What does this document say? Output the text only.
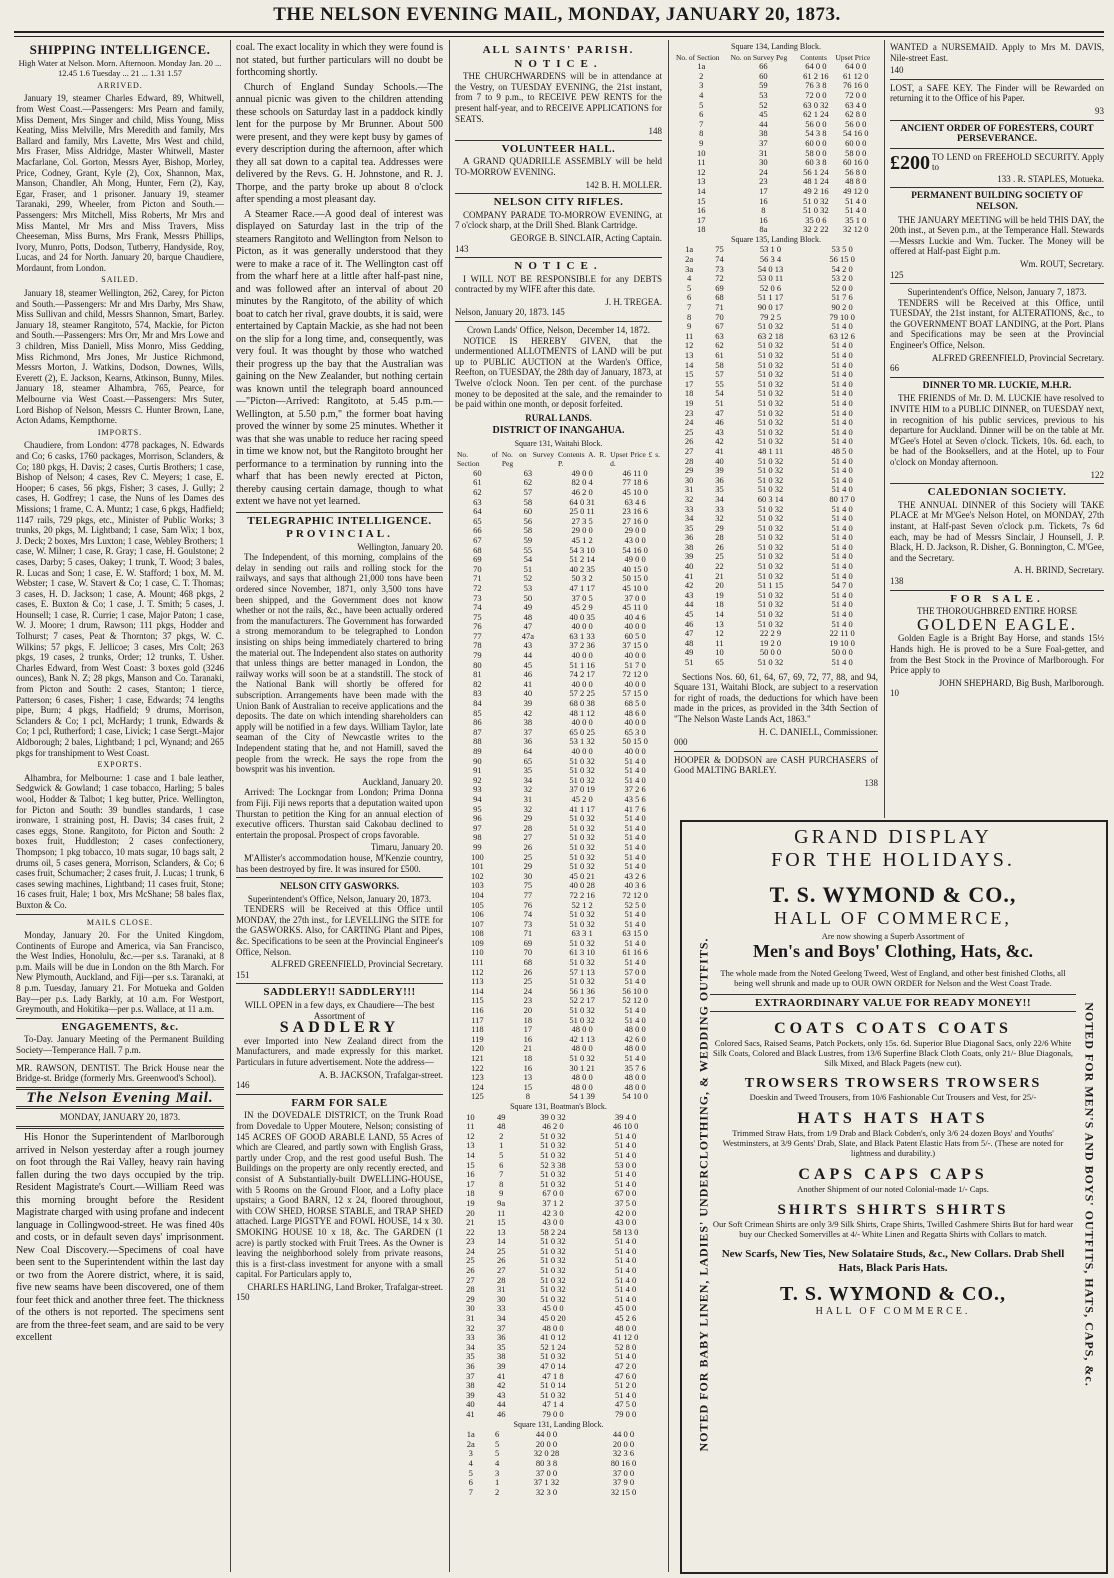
THE NELSON EVENING MAIL, MONDAY, JANUARY 20, 1873.
SHIPPING INTELLIGENCE.
High Water at Nelson. Morn. Afternoon. Monday Jan. 20 ... 12.45 1.6 Tuesday ... 21 ... 1.31 1.57
ARRIVED.

January 19, steamer Charles Edward, 89, Whitwell, from West Coast.—Passengers: Mrs Pearn and family, Miss Dement, Mrs Singer and child, Miss Young, Miss Keating, Miss Melville, Mrs Meredith and family, Mrs Ballard and family, Mrs Lavette, Mrs West and child, Mrs Fraser, Miss Aldridge, Master Whitwell, Master Macfarlane, Col. Gorton, Messrs Ayer, Bishop, Morley, Price, Codney, Grant, Kyle (2), Cox, Shannon, Max, Manson, Chandler, Ah Mong, Hunter, Fern (2), Kay, Egar, Fraser, and 1 prisoner. January 19, steamer Taranaki, 299, Wheeler, from Picton and South.—Passengers: Mrs Mitchell, Miss Roberts, Mr Mrs and Miss Mantel, Mr Mrs and Miss Travers, Miss Cheeseman, Miss Burns, Mrs Frank, Messrs Phillips, Ivory, Munro, Potts, Dodson, Tutberry, Handyside, Roy, Lucas, and 24 for North. January 20, barque Chaudiere, Mordaunt, from London.

SAILED.

January 18, steamer Wellington, 262, Carey, for Picton and South.—Passengers: Mr and Mrs Darby, Mrs Shaw, Miss Sullivan and child, Messrs Shannon, Smart, Barley. January 18, steamer Rangitoto, 574, Mackie, for Picton and South.—Passengers: Mrs Orr, Mr and Mrs Lowe and 3 children, Miss Daniell, Miss Monro, Miss Gedding, Miss Richmond, Mrs Jones, Mr Justice Richmond, Messrs Morton, J. Watkins, Dodson, Downes, Wills, Everett (2), E. Jackson, Kearns, Atkinson, Bunny, Miles. January 18, steamer Alhambra, 765, Pearce, for Melbourne via West Coast.—Passengers: Mrs Suter, Lord Bishop of Nelson, Messrs C. Hunter Brown, Lane, Acton Adams, Kempthorne.

IMPORTS.

Chaudiere, from London: 4778 packages, N. Edwards and Co; 6 casks, 1760 packages, Morrison, Sclanders, & Co; 180 pkgs, H. Davis; 2 cases, Curtis Brothers; 1 case, Bishop of Nelson; 4 cases, Rev C. Meyers; 1 case, E. Hooper; 6 cases, 56 pkgs, Fisher; 3 cases, J. Gully; 2 cases, H. Godfrey; 1 case, the Nuns of les Dames des Missions; 1 frame, C. A. Muntz; 1 case, 6 pkgs, Hadfield; 1147 rails, 729 pkgs, etc., Minister of Public Works; 3 trunks, 20 pkgs, M. Lightband; 1 case, Sam Wix; 1 box, J. Deck; 2 boxes, Mrs Luxton; 1 case, Webley Brothers; 1 case, W. Milner; 1 case, R. Gray; 1 case, H. Goulstone; 2 cases, Darby; 5 cases, Oakey; 1 trunk, T. Wood; 3 bales, R. Lucas and Son; 1 case, E. W. Stafford; 1 box, M. M. Webster; 1 case, W. Stavert & Co; 1 case, C. T. Thomas; 3 cases, H. D. Jackson; 1 case, A. Mount; 468 pkgs, 2 cases, E. Buxton & Co; 1 case, J. T. Smith; 5 cases, J. Hounsell; 1 case, R. Currie; 1 case, Major Paton; 1 case, W. J. Moore; 1 drum, Rawson; 111 pkgs, Hodder and Tolhurst; 7 cases, Peat & Thornton; 37 pkgs, W. C. Wilkins; 57 pkgs, F. Jellicoe; 3 cases, Mrs Colt; 263 pkgs, 19 cases, 2 trunks, Order; 12 trunks, T. Usher. Charles Edward, from West Coast: 3 boxes gold (3246 ounces), Bank N. Z; 28 pkgs, Manson and Co. Taranaki, from Picton and South: 2 cases, Stanton; 1 tierce, Patterson; 6 cases, Fisher; 1 case, Edwards; 74 lengths pipe, Burn; 4 pkgs, Hadfield; 9 drums, Morrison, Sclanders & Co; 1 pcl, McHardy; 1 trunk, Edwards & Co; 1 pcl, Rutherford; 1 case, Livick; 1 case Sergt.-Major Aldborough; 2 bales, Lightband; 1 pcl, Wynand; and 265 pkgs for transhipment to West Coast.

EXPORTS.

Alhambra, for Melbourne: 1 case and 1 bale leather, Sedgwick & Gowland; 1 case tobacco, Harling; 5 bales wool, Hodder & Talbot; 1 keg butter, Price. Wellington, for Picton and South: 39 bundles standards, 1 case ironware, 1 straining post, H. Davis; 34 cases fruit, 2 cases eggs, Stone. Rangitoto, for Picton and South: 2 boxes fruit, Huddleston; 2 cases confectionery, Thompson; 1 pkg tobacco, 10 mats sugar, 10 bags salt, 2 drums oil, 5 cases genera, Morrison, Sclanders, & Co; 6 cases fruit, Schumacher; 2 cases fruit, J. Lucas; 1 trunk, 6 cases sewing machines, Lightband; 11 cases fruit, Stone; 16 cases fruit, Hale; 1 box, Mrs McShane; 58 bales flax, Buxton & Co.

MAILS CLOSE.

Monday, January 20. For the United Kingdom, Continents of Europe and America, via San Francisco, the West Indies, Honolulu, &c.—per s.s. Taranaki, at 8 p.m. Mails will be due in London on the 8th March. For New Plymouth, Auckland, and Fiji—per s.s. Taranaki, at 8 p.m. Tuesday, January 21. For Motueka and Golden Bay—per p.s. Lady Barkly, at 10 a.m. For Westport, Greymouth, and Hokitika—per p.s. Wallace, at 11 a.m.

ENGAGEMENTS, &c.

To-Day. January Meeting of the Permanent Building Society—Temperance Hall. 7 p.m.

MR. RAWSON, DENTIST. The Brick House near the Bridge-st. Bridge (formerly Mrs. Greenwood's School).

The Nelson Evening Mail.
MONDAY, JANUARY 20, 1873.

His Honor the Superintendent of Marlborough arrived in Nelson yesterday after a rough journey on foot through the Rai Valley, heavy rain having fallen during the two days occupied by the trip. Resident Magistrate's Court.—William Reed was this morning brought before the Resident Magistrate charged with using profane and indecent language in Collingwood-street. He was fined 40s and costs, or in default seven days' imprisonment. New Coal Discovery.—Specimens of coal have been sent to the Superintendent within the last day or two from the Aorere district, where, it is said, five new seams have been discovered, one of them four feet thick and another three feet. The thickness of the others is not reported. The specimens sent are from the three-feet seam, and are said to be very excellent

coal. The exact locality in which they were found is not stated, but further particulars will no doubt be forthcoming shortly.

Church of England Sunday Schools.—The annual picnic was given to the children attending these schools on Saturday last in a paddock kindly lent for the purpose by Mr Brunner. About 500 were present, and they were kept busy by games of every description during the afternoon, after which they all sat down to a capital tea. Addresses were delivered by the Revs. G. H. Johnstone, and R. J. Thorpe, and the party broke up about 8 o'clock after spending a most pleasant day.

A Steamer Race.—A good deal of interest was displayed on Saturday last in the trip of the steamers Rangitoto and Wellington from Nelson to Picton, as it was generally understood that they were to make a race of it. The Wellington cast off from the wharf here at a little after half-past nine, and was followed after an interval of about 20 minutes by the Rangitoto, of the ability of which boat to catch her rival, grave doubts, it is said, were entertained by Captain Mackie, as she had not been on the slip for a long time, and, consequently, was very foul. It was thought by those who watched their progress up the bay that the Australian was gaining on the New Zealander, but nothing certain was known until the telegraph board announced—"Picton—Arrived: Rangitoto, at 5.45 p.m.—Wellington, at 5.50 p.m," the former boat having proved the winner by some 25 minutes. Whether it was that she was unable to reduce her racing speed in time we know not, but the Rangitoto brought her performance to a termination by running into the wharf that has been newly erected at Picton, thereby causing certain damage, though to what extent we have not yet learned.

TELEGRAPHIC INTELLIGENCE.
PROVINCIAL.
Wellington, January 20.

The Independent, of this morning, complains of the delay in sending out rails and rolling stock for the railways, and says that although 21,000 tons have been ordered since November, 1871, only 3,500 tons have been shipped, and the Government does not know whether or not the rails, &c., have been actually ordered from the manufacturers. The Government has forwarded a strong memorandum to be telegraphed to London insisting on ships being immediately chartered to bring the material out. The Independent also states on authority that unless things are better managed in London, the railway works will soon be at a standstill. The stock of the National Bank will shortly be offered for subscription. Arrangements have been made with the Union Bank of Australian to receive applications and the deposits. The date on which intending shareholders can apply will be notified in a few days. William Taylor, late seaman of the City of Newcastle writes to the Independent stating that he, and not Hamill, saved the people from the wreck. He says the rope from the bowsprit was his invention.

Auckland, January 20.

Arrived: The Lockngar from London; Prima Donna from Fiji. Fiji news reports that a deputation waited upon Thurstan to petition the King for an annual election of executive officers. Thurstan said Cakobau declined to entertain the proposal. Prospect of crops favorable.

Timaru, January 20.

M'Allister's accommodation house, M'Kenzie country, has been destroyed by fire. It was insured for £500.

NELSON CITY GASWORKS.
Superintendent's Office, Nelson, January 20, 1873.

TENDERS will be Received at this Office until MONDAY, the 27th inst., for LEVELLING the SITE for the GASWORKS. Also, for CARTING Plant and Pipes, &c. Specifications to be seen at the Provincial Engineer's Office, Nelson.

ALFRED GREENFIELD, Provincial Secretary.
151
SADDLERY!! SADDLERY!!!
WILL OPEN in a few days, ex Chaudiere—The best Assortment of
SADDLERY

ever Imported into New Zealand direct from the Manufacturers, and made expressly for this market. Particulars in future advertisement. Note the address—

A. B. JACKSON, Trafalgar-street.
146
FARM FOR SALE

IN the DOVEDALE DISTRICT, on the Trunk Road from Dovedale to Upper Moutere, Nelson; consisting of 145 ACRES OF GOOD ARABLE LAND, 55 Acres of which are Cleared, and partly sown with English Grass, partly under Crop, and the rest good useful Bush. The Buildings on the property are only recently erected, and consist of A Substantially-built DWELLING-HOUSE, with 5 Rooms on the Ground Floor, and a Lofty place upstairs; a Good BARN, 12 x 24, floored throughout, with COW SHED, HORSE STABLE, and TRAP SHED attached. Large PIGSTYE and FOWL HOUSE, 14 x 30. SMOKING HOUSE 10 x 18, &c. The GARDEN (1 acre) is partly stocked with Fruit Trees. As the Owner is leaving the neighborhood solely from private reasons, this is a first-class investment for anyone with a small capital. For Particulars apply to,

CHARLES HARLING, Land Broker, Trafalgar-street.
150
ALL SAINTS' PARISH.
NOTICE.

THE CHURCHWARDENS will be in attendance at the Vestry, on TUESDAY EVENING, the 21st instant, from 7 to 9 p.m., to RECEIVE PEW RENTS for the present half-year, and to RECEIVE APPLICATIONS for SEATS.

148
VOLUNTEER HALL.

A GRAND QUADRILLE ASSEMBLY will be held TO-MORROW EVENING.

142 B. H. MOLLER.
NELSON CITY RIFLES.

COMPANY PARADE TO-MORROW EVENING, at 7 o'clock sharp, at the Drill Shed. Blank Cartridge.

GEORGE B. SINCLAIR, Acting Captain.
143
NOTICE.

I WILL NOT BE RESPONSIBLE for any DEBTS contracted by my WIFE after this date.

J. H. TREGEA.
Nelson, January 20, 1873. 145
Crown Lands' Office, Nelson, December 14, 1872.

NOTICE IS HEREBY GIVEN, that the undermentioned ALLOTMENTS of LAND will be put up to PUBLIC AUCTION at the Warden's Office, Reefton, on TUESDAY, the 28th day of January, 1873, at Twelve o'clock Noon. Ten per cent. of the purchase money to be deposited at the sale, and the remainder to be paid within one month, or deposit forfeited.

RURAL LANDS.
DISTRICT OF INANGAHUA.
Square 131, Waitahi Block.
No. of Section	No. on Survey Peg	Contents A. R. P.	Upset Price £ s. d.
60	63	49 0 0	46 11 0
61	62	82 0 4	77 18 6
62	57	46 2 0	45 10 0
63	58	64 0 31	63 4 6
64	60	25 0 11	23 16 6
65	56	27 3 5	27 16 0
66	58	29 0 0	29 0 0
67	59	45 1 2	43 0 0
68	55	54 3 10	54 16 0
69	54	51 2 14	49 0 0
70	51	40 2 35	40 15 0
71	52	50 3 2	50 15 0
72	53	47 1 17	45 10 0
73	50	37 0 5	37 0 0
74	49	45 2 9	45 11 0
75	48	40 0 35	40 4 6
76	47	40 0 0	40 0 0
77	47a	63 1 33	60 5 0
78	43	37 2 36	37 15 0
79	44	40 0 0	40 0 0
80	45	51 1 16	51 7 0
81	46	74 2 17	72 12 0
82	41	40 0 0	40 0 0
83	40	57 2 25	57 15 0
84	39	68 0 38	68 5 0
85	42	48 1 12	48 6 0
86	38	40 0 0	40 0 0
87	37	65 0 25	65 3 0
88	36	53 1 32	50 15 0
89	64	40 0 0	40 0 0
90	65	51 0 32	51 4 0
91	35	51 0 32	51 4 0
92	34	51 0 32	51 4 0
93	32	37 0 19	37 2 6
94	31	45 2 0	43 5 6
95	32	41 1 17	41 7 6
96	29	51 0 32	51 4 0
97	28	51 0 32	51 4 0
98	27	51 0 32	51 4 0
99	26	51 0 32	51 4 0
100	25	51 0 32	51 4 0
101	29	51 0 32	51 4 0
102	30	45 0 21	43 2 6
103	75	40 0 28	40 3 6
104	77	72 2 16	72 12 0
105	76	52 1 2	52 5 0
106	74	51 0 32	51 4 0
107	73	51 0 32	51 4 0
108	71	63 3 1	63 15 0
109	69	51 0 32	51 4 0
110	70	61 3 10	61 16 6
111	68	51 0 32	51 4 0
112	26	57 1 13	57 0 0
113	25	51 0 32	51 4 0
114	24	56 1 36	56 10 0
115	23	52 2 17	52 12 0
116	20	51 0 32	51 4 0
117	18	51 0 32	51 4 0
118	17	48 0 0	48 0 0
119	16	42 1 13	42 6 0
120	21	48 0 0	48 0 0
121	18	51 0 32	51 4 0
122	16	30 1 21	35 7 6
123	13	48 0 0	48 0 0
124	15	48 0 0	48 0 0
125	8	54 1 39	54 10 0
Square 131, Boatman's Block.
10	49	39 0 32	39 4 0
11	48	46 2 0	46 10 0
12	2	51 0 32	51 4 0
13	1	51 0 32	51 4 0
14	5	51 0 32	51 4 0
15	6	52 3 38	53 0 0
16	7	51 0 32	51 4 0
17	8	51 0 32	51 4 0
18	9	67 0 0	67 0 0
19	9a	37 1 2	37 5 0
20	11	42 3 0	42 0 0
21	15	43 0 0	43 0 0
22	13	58 2 24	58 13 0
23	14	51 0 32	51 4 0
24	25	51 0 32	51 4 0
25	26	51 0 32	51 4 0
26	27	51 0 32	51 4 0
27	28	51 0 32	51 4 0
28	31	51 0 32	51 4 0
29	30	51 0 32	51 4 0
30	33	45 0 0	45 0 0
31	34	45 0 20	45 2 6
32	37	48 0 0	48 0 0
33	36	41 0 12	41 12 0
34	35	52 1 24	52 8 0
35	38	51 0 32	51 4 0
36	39	47 0 14	47 2 0
37	41	47 1 8	47 6 0
38	42	51 0 14	51 2 0
39	43	51 0 32	51 4 0
40	44	47 1 4	47 5 0
41	46	79 0 0	79 0 0
Square 131, Landing Block.
1a	6	44 0 0	44 0 0
2a	5	20 0 0	20 0 0
3	5	32 0 28	32 3 6
4	4	80 3 8	80 16 0
5	3	37 0 0	37 0 0
6	1	37 1 32	37 9 0
7	2	32 3 0	32 15 0
Square 134, Landing Block.
No. of Section	No. on Survey Peg	Contents	Upset Price
1a	66	64 0 0	64 0 0
2	60	61 2 16	61 12 0
3	59	76 3 8	76 16 0
4	53	72 0 0	72 0 0
5	52	63 0 32	63 4 0
6	45	62 1 24	62 8 0
7	44	56 0 0	56 0 0
8	38	54 3 8	54 16 0
9	37	60 0 0	60 0 0
10	31	58 0 0	58 0 0
11	30	60 3 8	60 16 0
12	24	56 1 24	56 8 0
13	23	48 1 24	48 8 0
14	17	49 2 16	49 12 0
15	16	51 0 32	51 4 0
16	8	51 0 32	51 4 0
17	16	35 0 6	35 1 0
18	8a	32 2 22	32 12 0
Square 135, Landing Block.
1a	75	53 1 0	53 5 0
2a	74	56 3 4	56 15 0
3a	73	54 0 13	54 2 0
4	72	53 0 11	53 2 0
5	69	52 0 6	52 0 0
6	68	51 1 17	51 7 6
7	71	90 0 17	90 2 0
8	70	79 2 5	79 10 0
9	67	51 0 32	51 4 0
11	63	63 2 18	63 12 6
12	62	51 0 32	51 4 0
13	61	51 0 32	51 4 0
14	58	51 0 32	51 4 0
15	57	51 0 32	51 4 0
17	55	51 0 32	51 4 0
18	54	51 0 32	51 4 0
19	51	51 0 32	51 4 0
23	47	51 0 32	51 4 0
24	46	51 0 32	51 4 0
25	43	51 0 32	51 4 0
26	42	51 0 32	51 4 0
27	41	48 1 11	48 5 0
28	40	51 0 32	51 4 0
29	39	51 0 32	51 4 0
30	36	51 0 32	51 4 0
31	35	51 0 32	51 4 0
32	34	60 3 14	80 17 0
33	33	51 0 32	51 4 0
34	32	51 0 32	51 4 0
35	29	51 0 32	51 4 0
36	28	51 0 32	51 4 0
38	26	51 0 32	51 4 0
39	25	51 0 32	51 4 0
40	22	51 0 32	51 4 0
41	21	51 0 32	51 4 0
42	20	51 1 15	54 7 0
43	19	51 0 32	51 4 0
44	18	51 0 32	51 4 0
45	14	51 0 32	51 4 0
46	13	51 0 32	51 4 0
47	12	22 2 9	22 11 0
48	11	19 2 0	19 10 0
49	10	50 0 0	50 0 0
51	65	51 0 32	51 4 0

Sections Nos. 60, 61, 64, 67, 69, 72, 77, 88, and 94, Square 131, Waitahi Block, are subject to a reservation for right of roads, the deductions for which have been made in the prices, as provided in the 34th Section of "The Nelson Waste Lands Act, 1863."

H. C. DANIELL, Commissioner.
000

HOOPER & DODSON are CASH PURCHASERS of Good MALTING BARLEY.

138

WANTED a NURSEMAID. Apply to Mrs M. DAVIS, Nile-street East.

140

LOST, a SAFE KEY. The Finder will be Rewarded on returning it to the Office of his Paper.

93
ANCIENT ORDER OF FORESTERS, COURT PERSEVERANCE.
£200 TO LEND on FREEHOLD SECURITY. Apply to
133 . R. STAPLES, Motueka.
PERMANENT BUILDING SOCIETY OF NELSON.

THE JANUARY MEETING will be held THIS DAY, the 20th inst., at Seven p.m., at the Temperance Hall. Stewards—Messrs Luckie and Wm. Tucker. The Money will be offered at Half-past Eight p.m.

Wm. ROUT, Secretary.
125
Superintendent's Office, Nelson, January 7, 1873.

TENDERS will be Received at this Office, until TUESDAY, the 21st instant, for ALTERATIONS, &c., to the GOVERNMENT BOAT LANDING, at the Port. Plans and Specifications may be seen at the Provincial Engineer's Office, Nelson.

ALFRED GREENFIELD, Provincial Secretary.
66
DINNER TO MR. LUCKIE, M.H.R.

THE FRIENDS of Mr. D. M. LUCKIE have resolved to INVITE HIM to a PUBLIC DINNER, on TUESDAY next, in recognition of his public services, previous to his departure for Auckland. Dinner will be on the table at Mr. M'Gee's Hotel at Seven o'clock. Tickets, 10s. 6d. each, to be had of the Booksellers, and at the Hotel, up to Four o'clock on Monday afternoon.

122
CALEDONIAN SOCIETY.

THE ANNUAL DINNER of this Society will TAKE PLACE at Mr M'Gee's Nelson Hotel, on MONDAY, 27th instant, at Half-past Seven o'clock p.m. Tickets, 7s 6d each, may be had of Messrs Sinclair, J Hounsell, J. P. Black, H. D. Jackson, R. Disher, G. Bonnington, C. M'Gee, and the Secretary.

A. H. BRIND, Secretary.
138
FOR SALE.
THE THOROUGHBRED ENTIRE HORSE
GOLDEN EAGLE.

Golden Eagle is a Bright Bay Horse, and stands 15½ Hands high. He is proved to be a Sure Foal-getter, and from the Best Stock in the Province of Marlborough. For Price apply to

JOHN SHEPHARD, Big Bush, Marlborough.
10
NOTED FOR BABY LINEN, LADIES' UNDERCLOTHING, & WEDDING OUTFITS.	NOTED FOR MEN'S AND BOYS' OUTFITS, HATS, CAPS, &c.
GRAND DISPLAY
FOR THE HOLIDAYS.
T. S. WYMOND & CO.,
HALL OF COMMERCE,
Are now showing a Superb Assortment of
Men's and Boys' Clothing, Hats, &c.
The whole made from the Noted Geelong Tweed, West of England, and other best finished Cloths, all being well shrunk and made up to OUR OWN ORDER for Nelson and the West Coast Trade.
EXTRAORDINARY VALUE FOR READY MONEY!!
COATS COATS COATS
Colored Sacs, Raised Seams, Patch Pockets, only 15s. 6d. Superior Blue Diagonal Sacs, only 22/6 White Silk Coats, Colored and Black Lustres, from 13/6 Superfine Black Cloth Coats, only 21/- Blue Diagonals, Silk Mixed, and Black Pagets (new cut).
TROWSERS TROWSERS TROWSERS
Doeskin and Tweed Trousers, from 10/6 Fashionable Cut Trousers and Vest, for 25/-
HATS HATS HATS
Trimmed Straw Hats, from 1/9 Drab and Black Cobden's, only 3/6 24 dozen Boys' and Youths' Westminsters, at 3/9 Gents' Drab, Slate, and Black Patent Elastic Hats from 5/-. (These are noted for lightness and durability.)
CAPS CAPS CAPS
Another Shipment of our noted Colonial-made 1/- Caps.
SHIRTS SHIRTS SHIRTS
Our Soft Crimean Shirts are only 3/9 Silk Shirts, Crape Shirts, Twilled Cashmere Shirts But for hard wear buy our Checked Somervilles at 4/- White Linen and Regatta Shirts with Collars to match.
New Scarfs, New Ties, New Solataire Studs, &c., New Collars. Drab Shell Hats, Black Paris Hats.
T. S. WYMOND & CO.,
HALL OF COMMERCE.
